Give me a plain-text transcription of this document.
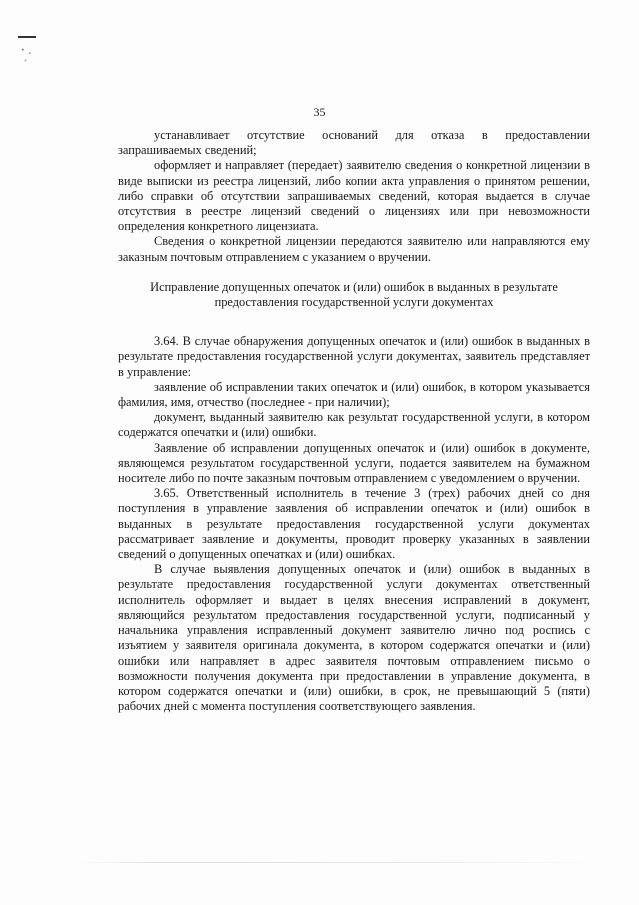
35

устанавливает отсутствие оснований для отказа в предоставлении запрашиваемых сведений;

оформляет и направляет (передает) заявителю сведения о конкретной лицензии в виде выписки из реестра лицензий, либо копии акта управления о принятом решении, либо справки об отсутствии запрашиваемых сведений, которая выдается в случае отсутствия в реестре лицензий сведений о лицензиях или при невозможности определения конкретного лицензиата.

Сведения о конкретной лицензии передаются заявителю или направляются ему заказным почтовым отправлением с указанием о вручении.

Исправление допущенных опечаток и (или) ошибок в выданных в результате предоставления государственной услуги документах

3.64. В случае обнаружения допущенных опечаток и (или) ошибок в выданных в результате предоставления государственной услуги документах, заявитель представляет в управление:

заявление об исправлении таких опечаток и (или) ошибок, в котором указывается фамилия, имя, отчество (последнее - при наличии);

документ, выданный заявителю как результат государственной услуги, в котором содержатся опечатки и (или) ошибки.

Заявление об исправлении допущенных опечаток и (или) ошибок в документе, являющемся результатом государственной услуги, подается заявителем на бумажном носителе либо по почте заказным почтовым отправлением с уведомлением о вручении.

3.65. Ответственный исполнитель в течение 3 (трех) рабочих дней со дня поступления в управление заявления об исправлении опечаток и (или) ошибок в выданных в результате предоставления государственной услуги документах рассматривает заявление и документы, проводит проверку указанных в заявлении сведений о допущенных опечатках и (или) ошибках.

В случае выявления допущенных опечаток и (или) ошибок в выданных в результате предоставления государственной услуги документах ответственный исполнитель оформляет и выдает в целях внесения исправлений в документ, являющийся результатом предоставления государственной услуги, подписанный у начальника управления исправленный документ заявителю лично под роспись с изъятием у заявителя оригинала документа, в котором содержатся опечатки и (или) ошибки или направляет в адрес заявителя почтовым отправлением письмо о возможности получения документа при предоставлении в управление документа, в котором содержатся опечатки и (или) ошибки, в срок, не превышающий 5 (пяти) рабочих дней с момента поступления соответствующего заявления.
